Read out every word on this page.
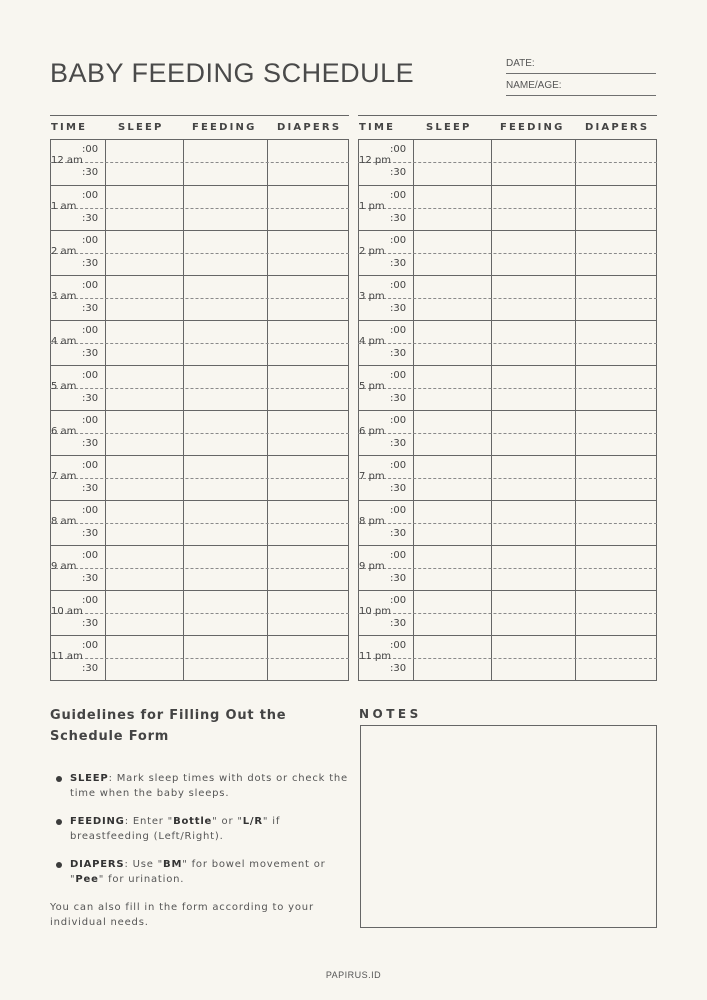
BABY FEEDING SCHEDULE	DATE:
NAME/AGE:
TIME	SLEEP	FEEDING DIAPERS
12 am
:00
:30
1 am
:00
:30
2 am
:00
:30
3 am
:00
:30
4 am
:00
:30
5 am
:00
:30
6 am
:00
:30
7 am
:00
:30
8 am
:00
:30
9 am
:00
:30
10 am
:00
:30
11 am
:00
:30
TIME	SLEEP	FEEDING DIAPERS
12 pm
:00
:30
1 pm
:00
:30
2 pm
:00
:30
3 pm
:00
:30
4 pm
:00
:30
5 pm
:00
:30
6 pm
:00
:30
7 pm
:00
:30
8 pm
:00
:30
9 pm
:00
:30
10 pm
:00
:30
11 pm
:00
:30
Guidelines for Filling Out the
Schedule Form
SLEEP: Mark sleep times with dots or check the time when the baby sleeps.
FEEDING: Enter "Bottle" or "L/R" if breastfeeding (Left/Right).
DIAPERS: Use "BM" for bowel movement or "Pee" for urination.

You can also fill in the form according to your individual needs.

NOTES
PAPIRUS.ID
